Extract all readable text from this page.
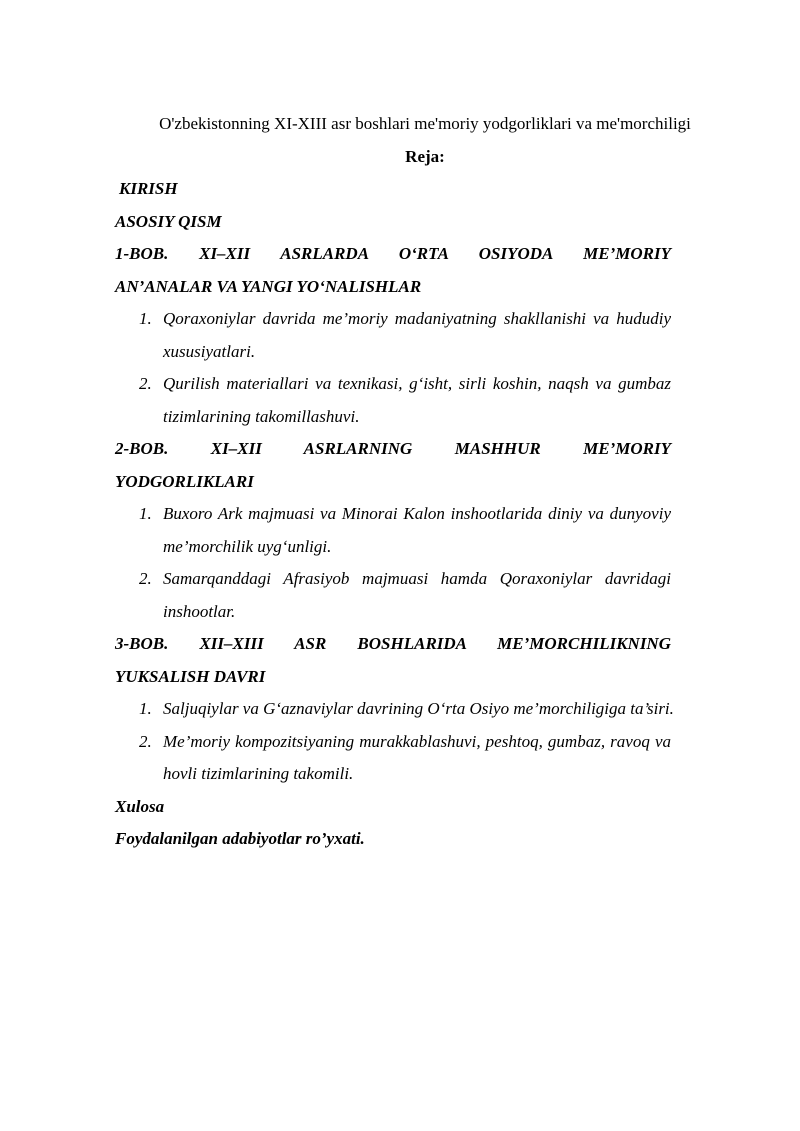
O'zbekistonning XI-XIII asr boshlari me'moriy yodgorliklari va me'morchiligi
Reja:
KIRISH
ASOSIY QISM
1-BOB. XI–XII ASRLARDA O‘RTA OSIYODA ME’MORIY
AN’ANALAR VA YANGI YO‘NALISHLAR
1. Qoraxoniylar davrida me’moriy madaniyatning shakllanishi va hududiy xususiyatlari.
2. Qurilish materiallari va texnikasi, g‘isht, sirli koshin, naqsh va gumbaz tizimlarining takomillashuvi.
2-BOB. XI–XII ASRLARNING MASHHUR ME’MORIY
YODGORLIKLARI
1. Buxoro Ark majmuasi va Minorai Kalon inshootlarida diniy va dunyoviy me’morchilik uyg‘unligi.
2. Samarqanddagi Afrasiyob majmuasi hamda Qoraxoniylar davridagi inshootlar.
3-BOB. XII–XIII ASR BOSHLARIDA ME’MORCHILIKNING
YUKSALISH DAVRI
1. Saljuqiylar va G‘aznaviylar davrining O‘rta Osiyo me’morchiligiga ta’siri.
2. Me’moriy kompozitsiyaning murakkablashuvi, peshtoq, gumbaz, ravoq va hovli tizimlarining takomili.
Xulosa
Foydalanilgan adabiyotlar ro’yxati.
